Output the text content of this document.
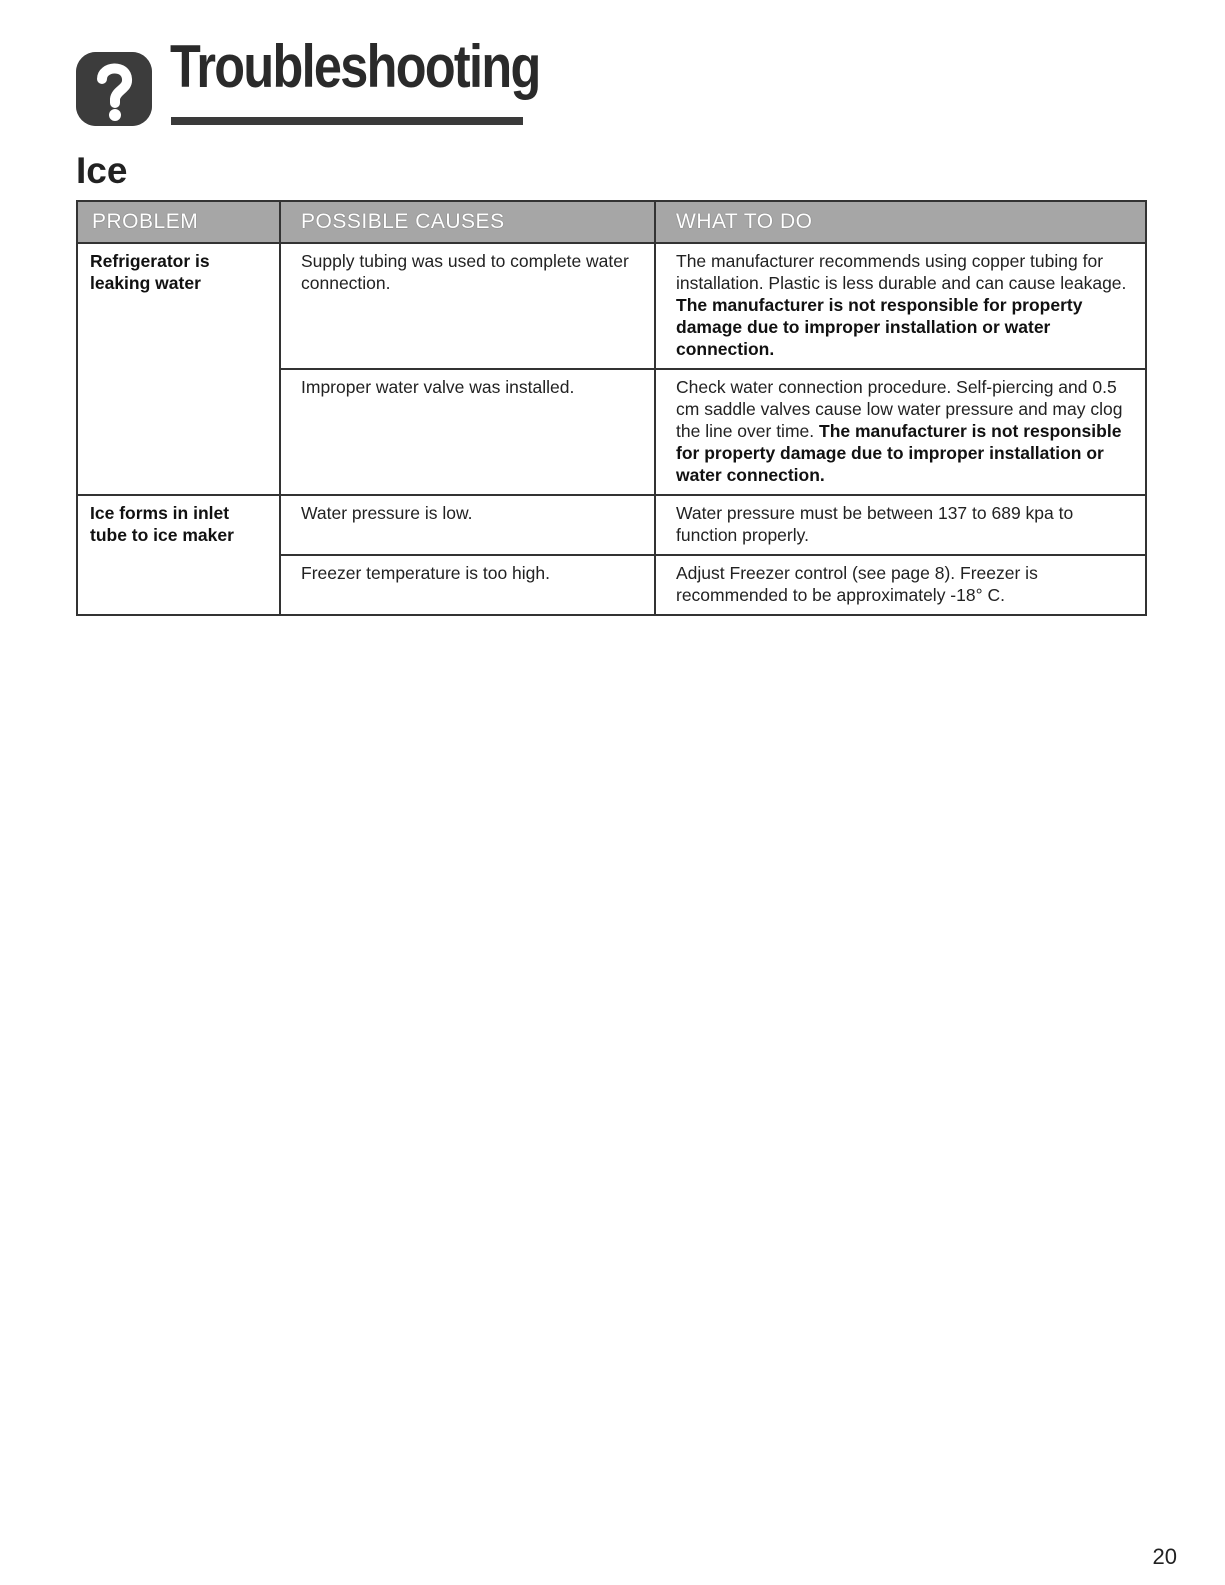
Troubleshooting
Ice
PROBLEM	POSSIBLE CAUSES	WHAT TO DO
Refrigerator is leaking water	Supply tubing was used to complete water connection.	The manufacturer recommends using copper tubing for installation. Plastic is less durable and can cause leakage. The manufacturer is not responsible for property damage due to improper installation or water connection.
	Improper water valve was installed.	Check water connection procedure. Self-piercing and 0.5 cm saddle valves cause low water pressure and may clog the line over time. The manufacturer is not responsible for property damage due to improper installation or water connection.
Ice forms in inlet tube to ice maker	Water pressure is low.	Water pressure must be between 137 to 689 kpa to function properly.
	Freezer temperature is too high.	Adjust Freezer control (see page 8). Freezer is recommended to be approximately -18° C.
20
